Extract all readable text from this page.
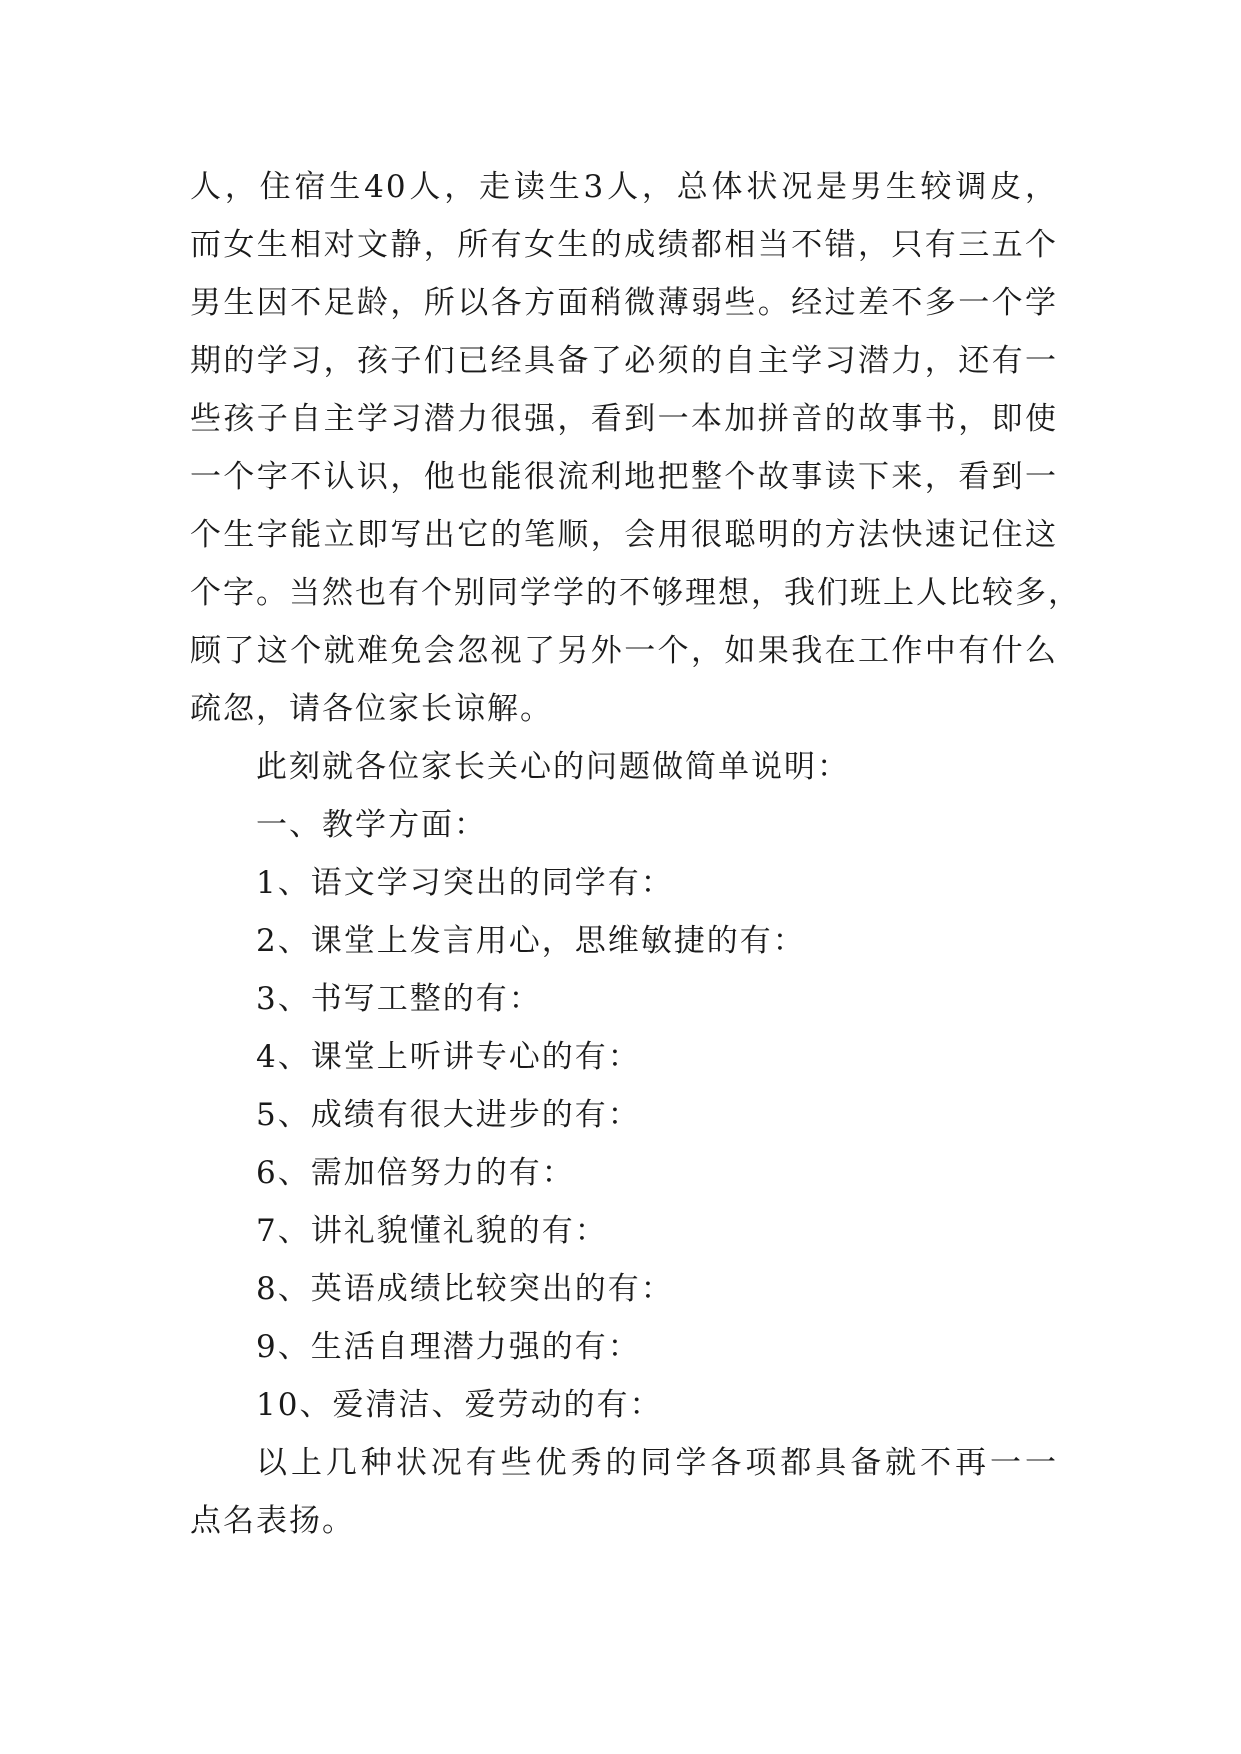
人，住宿生40人，走读生3人，总体状况是男生较调皮，
而女生相对文静，所有女生的成绩都相当不错，只有三五个
男生因不足龄，所以各方面稍微薄弱些。经过差不多一个学
期的学习，孩子们已经具备了必须的自主学习潜力，还有一
些孩子自主学习潜力很强，看到一本加拼音的故事书，即使
一个字不认识，他也能很流利地把整个故事读下来，看到一
个生字能立即写出它的笔顺，会用很聪明的方法快速记住这
个字。当然也有个别同学学的不够理想，我们班上人比较多，
顾了这个就难免会忽视了另外一个，如果我在工作中有什么
疏忽，请各位家长谅解。

此刻就各位家长关心的问题做简单说明：

一、教学方面：

1、语文学习突出的同学有：

2、课堂上发言用心，思维敏捷的有：

3、书写工整的有：

4、课堂上听讲专心的有：

5、成绩有很大进步的有：

6、需加倍努力的有：

7、讲礼貌懂礼貌的有：

8、英语成绩比较突出的有：

9、生活自理潜力强的有：

10、爱清洁、爱劳动的有：

以上几种状况有些优秀的同学各项都具备就不再一一
点名表扬。
